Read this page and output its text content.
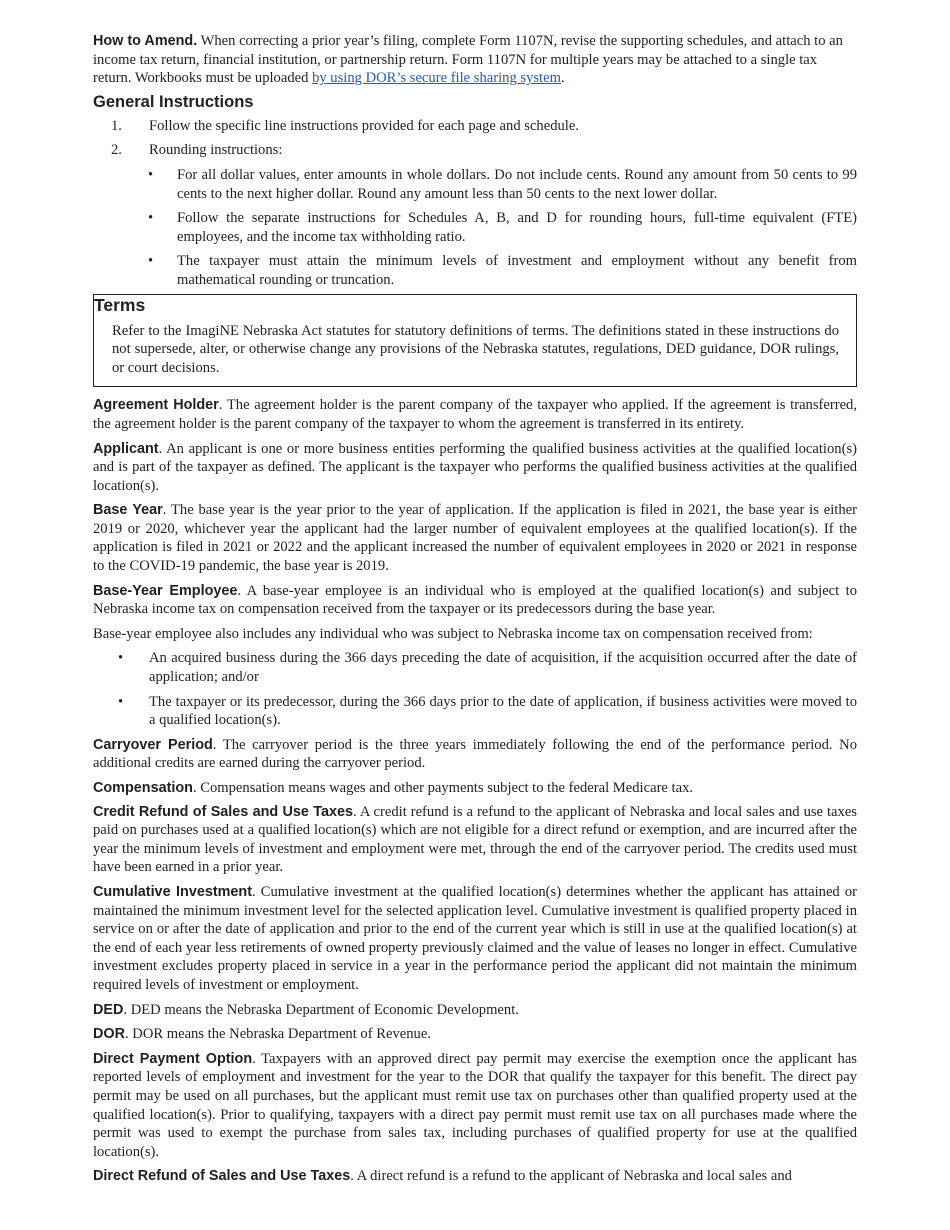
How to Amend. When correcting a prior year’s filing, complete Form 1107N, revise the supporting schedules, and attach to an income tax return, financial institution, or partnership return. Form 1107N for multiple years may be attached to a single tax return. Workbooks must be uploaded by using DOR’s secure file sharing system.

General Instructions
1.	Follow the specific line instructions provided for each page and schedule.
2.	Rounding instructions:
•	For all dollar values, enter amounts in whole dollars. Do not include cents. Round any amount from 50 cents to 99 cents to the next higher dollar. Round any amount less than 50 cents to the next lower dollar.
•	Follow the separate instructions for Schedules A, B, and D for rounding hours, full-time equivalent (FTE) employees, and the income tax withholding ratio.
•	The taxpayer must attain the minimum levels of investment and employment without any benefit from mathematical rounding or truncation.
Terms

Refer to the ImagiNE Nebraska Act statutes for statutory definitions of terms. The definitions stated in these instructions do not supersede, alter, or otherwise change any provisions of the Nebraska statutes, regulations, DED guidance, DOR rulings, or court decisions.

Agreement Holder. The agreement holder is the parent company of the taxpayer who applied. If the agreement is transferred, the agreement holder is the parent company of the taxpayer to whom the agreement is transferred in its entirety.

Applicant. An applicant is one or more business entities performing the qualified business activities at the qualified location(s) and is part of the taxpayer as defined. The applicant is the taxpayer who performs the qualified business activities at the qualified location(s).

Base Year. The base year is the year prior to the year of application. If the application is filed in 2021, the base year is either 2019 or 2020, whichever year the applicant had the larger number of equivalent employees at the qualified location(s). If the application is filed in 2021 or 2022 and the applicant increased the number of equivalent employees in 2020 or 2021 in response to the COVID-19 pandemic, the base year is 2019.

Base-Year Employee. A base-year employee is an individual who is employed at the qualified location(s) and subject to Nebraska income tax on compensation received from the taxpayer or its predecessors during the base year.

Base-year employee also includes any individual who was subject to Nebraska income tax on compensation received from:

•	An acquired business during the 366 days preceding the date of acquisition, if the acquisition occurred after the date of application; and/or
•	The taxpayer or its predecessor, during the 366 days prior to the date of application, if business activities were moved to a qualified location(s).

Carryover Period. The carryover period is the three years immediately following the end of the performance period. No additional credits are earned during the carryover period.

Compensation. Compensation means wages and other payments subject to the federal Medicare tax.

Credit Refund of Sales and Use Taxes. A credit refund is a refund to the applicant of Nebraska and local sales and use taxes paid on purchases used at a qualified location(s) which are not eligible for a direct refund or exemption, and are incurred after the year the minimum levels of investment and employment were met, through the end of the carryover period. The credits used must have been earned in a prior year.

Cumulative Investment. Cumulative investment at the qualified location(s) determines whether the applicant has attained or maintained the minimum investment level for the selected application level. Cumulative investment is qualified property placed in service on or after the date of application and prior to the end of the current year which is still in use at the qualified location(s) at the end of each year less retirements of owned property previously claimed and the value of leases no longer in effect. Cumulative investment excludes property placed in service in a year in the performance period the applicant did not maintain the minimum required levels of investment or employment.

DED. DED means the Nebraska Department of Economic Development.

DOR. DOR means the Nebraska Department of Revenue.

Direct Payment Option. Taxpayers with an approved direct pay permit may exercise the exemption once the applicant has reported levels of employment and investment for the year to the DOR that qualify the taxpayer for this benefit. The direct pay permit may be used on all purchases, but the applicant must remit use tax on purchases other than qualified property used at the qualified location(s). Prior to qualifying, taxpayers with a direct pay permit must remit use tax on all purchases made where the permit was used to exempt the purchase from sales tax, including purchases of qualified property for use at the qualified location(s).

Direct Refund of Sales and Use Taxes. A direct refund is a refund to the applicant of Nebraska and local sales and
